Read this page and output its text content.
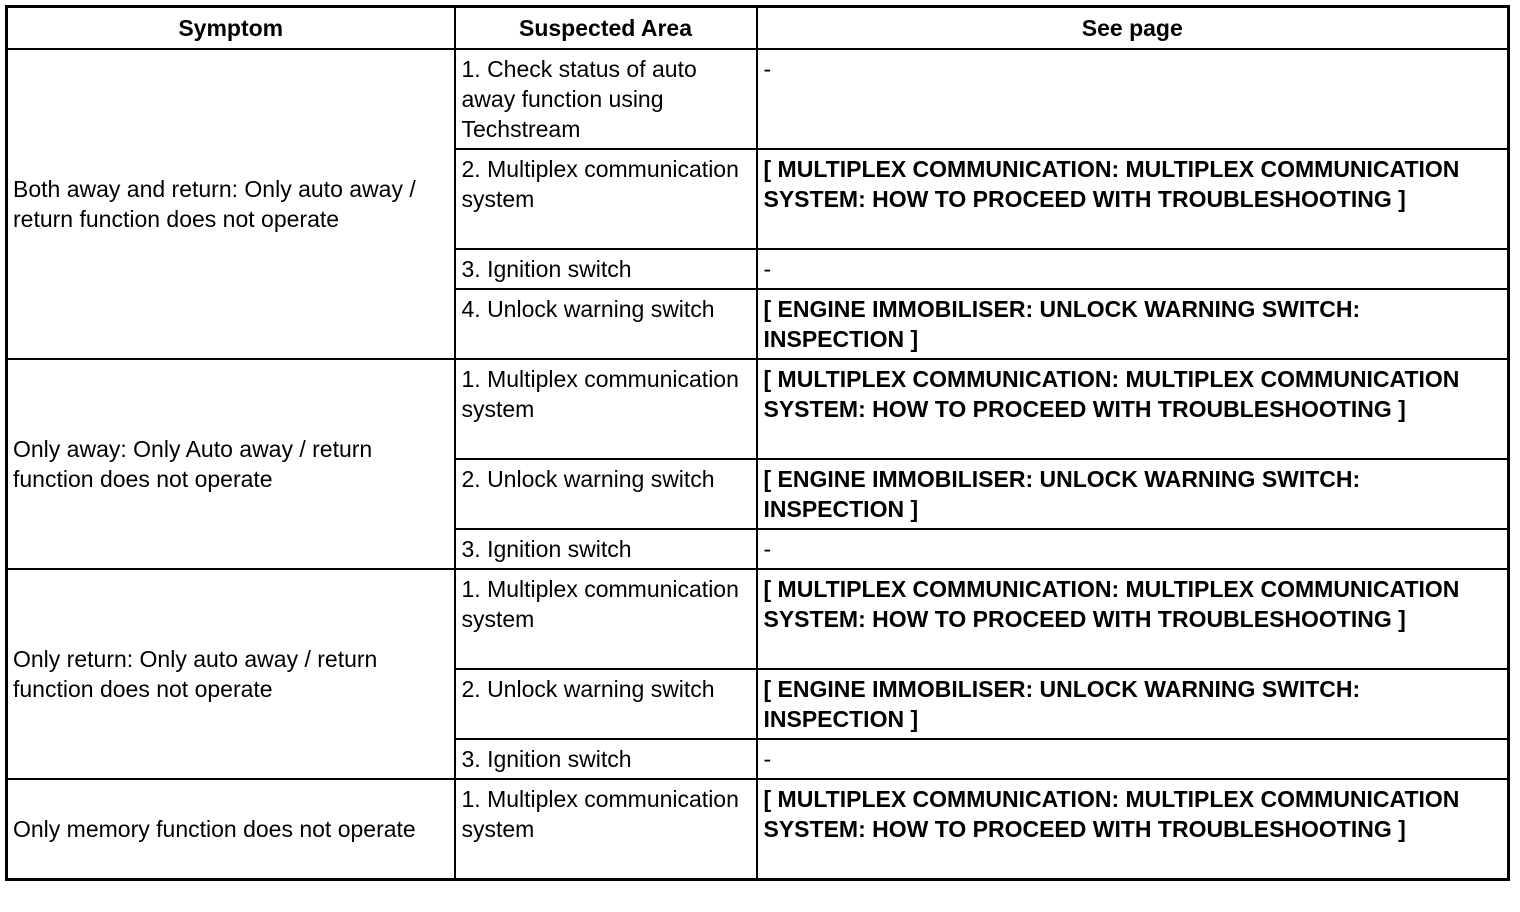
Symptom	Suspected Area	See page
Both away and return: Only auto away / return function does not operate	1. Check status of auto away function using Techstream	-
	2. Multiplex communication system	[ MULTIPLEX COMMUNICATION: MULTIPLEX COMMUNICATION SYSTEM: HOW TO PROCEED WITH TROUBLESHOOTING ]
	3. Ignition switch	-
	4. Unlock warning switch	[ ENGINE IMMOBILISER: UNLOCK WARNING SWITCH: INSPECTION ]
Only away: Only Auto away / return function does not operate	1. Multiplex communication system	[ MULTIPLEX COMMUNICATION: MULTIPLEX COMMUNICATION SYSTEM: HOW TO PROCEED WITH TROUBLESHOOTING ]
	2. Unlock warning switch	[ ENGINE IMMOBILISER: UNLOCK WARNING SWITCH: INSPECTION ]
	3. Ignition switch	-
Only return: Only auto away / return function does not operate	1. Multiplex communication system	[ MULTIPLEX COMMUNICATION: MULTIPLEX COMMUNICATION SYSTEM: HOW TO PROCEED WITH TROUBLESHOOTING ]
	2. Unlock warning switch	[ ENGINE IMMOBILISER: UNLOCK WARNING SWITCH: INSPECTION ]
	3. Ignition switch	-
Only memory function does not operate	1. Multiplex communication system	[ MULTIPLEX COMMUNICATION: MULTIPLEX COMMUNICATION SYSTEM: HOW TO PROCEED WITH TROUBLESHOOTING ]
